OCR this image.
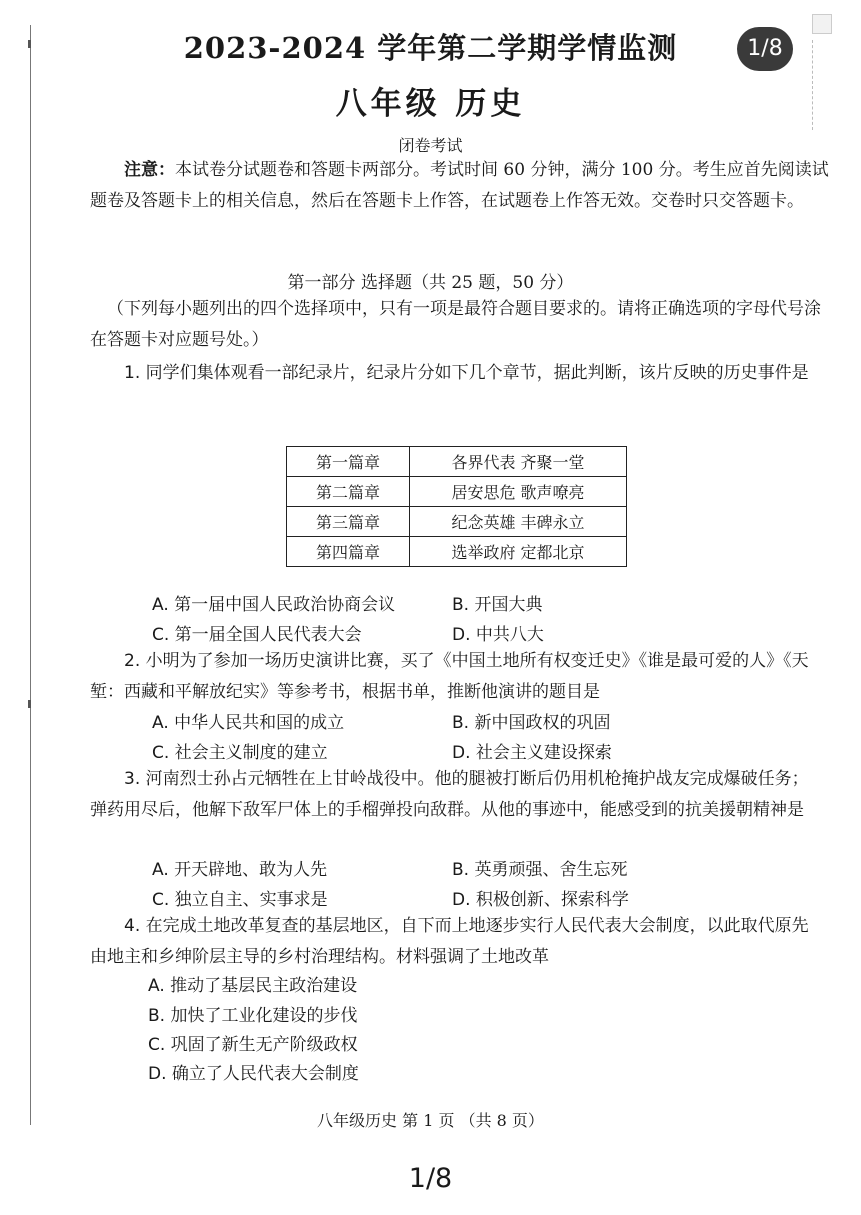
2023-2024 学年第二学期学情监测	1/8
八年级 历史
闭卷考试
注意：本试卷分试题卷和答题卡两部分。考试时间 60 分钟，满分 100 分。考生应首先阅读试题卷及答题卡上的相关信息，然后在答题卡上作答，在试题卷上作答无效。交卷时只交答题卡。
第一部分 选择题（共 25 题，50 分）
（下列每小题列出的四个选择项中，只有一项是最符合题目要求的。请将正确选项的字母代号涂在答题卡对应题号处。）
1. 同学们集体观看一部纪录片，纪录片分如下几个章节，据此判断，该片反映的历史事件是
第一篇章	各界代表 齐聚一堂
第二篇章	居安思危 歌声嘹亮
第三篇章	纪念英雄 丰碑永立
第四篇章	选举政府 定都北京
A. 第一届中国人民政治协商会议	B. 开国大典
C. 第一届全国人民代表大会	D. 中共八大
2. 小明为了参加一场历史演讲比赛，买了《中国土地所有权变迁史》《谁是最可爱的人》《天堑：西藏和平解放纪实》等参考书，根据书单，推断他演讲的题目是
A. 中华人民共和国的成立	B. 新中国政权的巩固
C. 社会主义制度的建立	D. 社会主义建设探索
3. 河南烈士孙占元牺牲在上甘岭战役中。他的腿被打断后仍用机枪掩护战友完成爆破任务；弹药用尽后，他解下敌军尸体上的手榴弹投向敌群。从他的事迹中，能感受到的抗美援朝精神是
A. 开天辟地、敢为人先	B. 英勇顽强、舍生忘死
C. 独立自主、实事求是	D. 积极创新、探索科学
4. 在完成土地改革复查的基层地区，自下而上地逐步实行人民代表大会制度，以此取代原先由地主和乡绅阶层主导的乡村治理结构。材料强调了土地改革
A. 推动了基层民主政治建设
B. 加快了工业化建设的步伐
C. 巩固了新生无产阶级政权
D. 确立了人民代表大会制度
八年级历史 第 1 页 （共 8 页）
1/8
